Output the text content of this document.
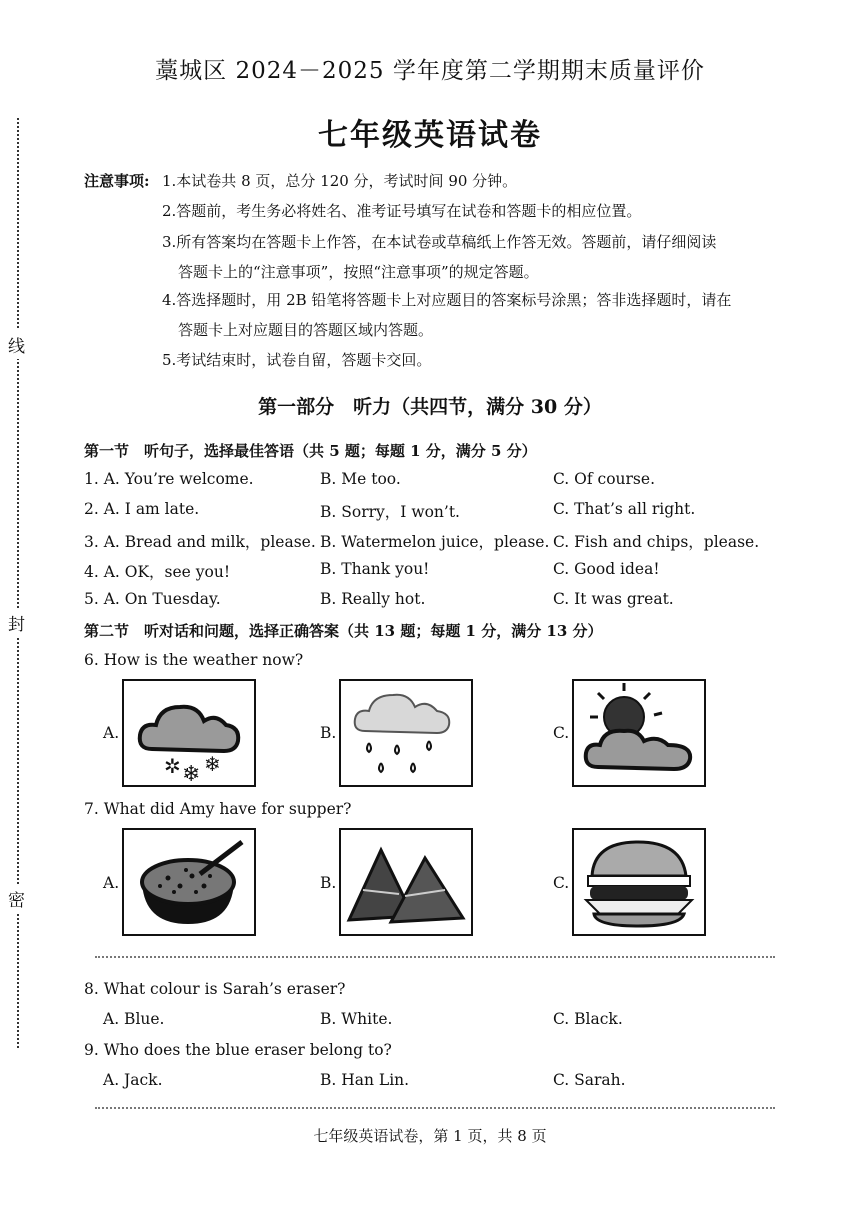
线
封
密
藁城区 2024－2025 学年度第二学期期末质量评价
七年级英语试卷
注意事项: 1.本试卷共 8 页，总分 120 分，考试时间 90 分钟。
2.答题前，考生务必将姓名、准考证号填写在试卷和答题卡的相应位置。
3.所有答案均在答题卡上作答，在本试卷或草稿纸上作答无效。答题前，请仔细阅读
答题卡上的“注意事项”，按照“注意事项”的规定答题。
4.答选择题时，用 2B 铅笔将答题卡上对应题目的答案标号涂黑；答非选择题时，请在
答题卡上对应题目的答题区域内答题。
5.考试结束时，试卷自留，答题卡交回。
第一部分　听力（共四节，满分 30 分）
第一节　听句子，选择最佳答语（共 5 题；每题 1 分，满分 5 分）
1. A. You’re welcome.	B. Me too.	C. Of course.
2. A. I am late.	B. Sorry，I won’t.	C. That’s all right.
3. A. Bread and milk，please. B. Watermelon juice，please. C. Fish and chips，please.
4. A. OK，see you!	B. Thank you!	C. Good idea!
5. A. On Tuesday.	B. Really hot.	C. It was great.
第二节　听对话和问题，选择正确答案（共 13 题；每题 1 分，满分 13 分）
6. How is the weather now?
A.	B.	C.
✲ ❄ ❄
7. What did Amy have for supper?
A.	B.	C.
8. What colour is Sarah’s eraser?
A. Blue.	B. White.	C. Black.
9. Who does the blue eraser belong to?
A. Jack.	B. Han Lin.	C. Sarah.
七年级英语试卷，第 1 页，共 8 页
